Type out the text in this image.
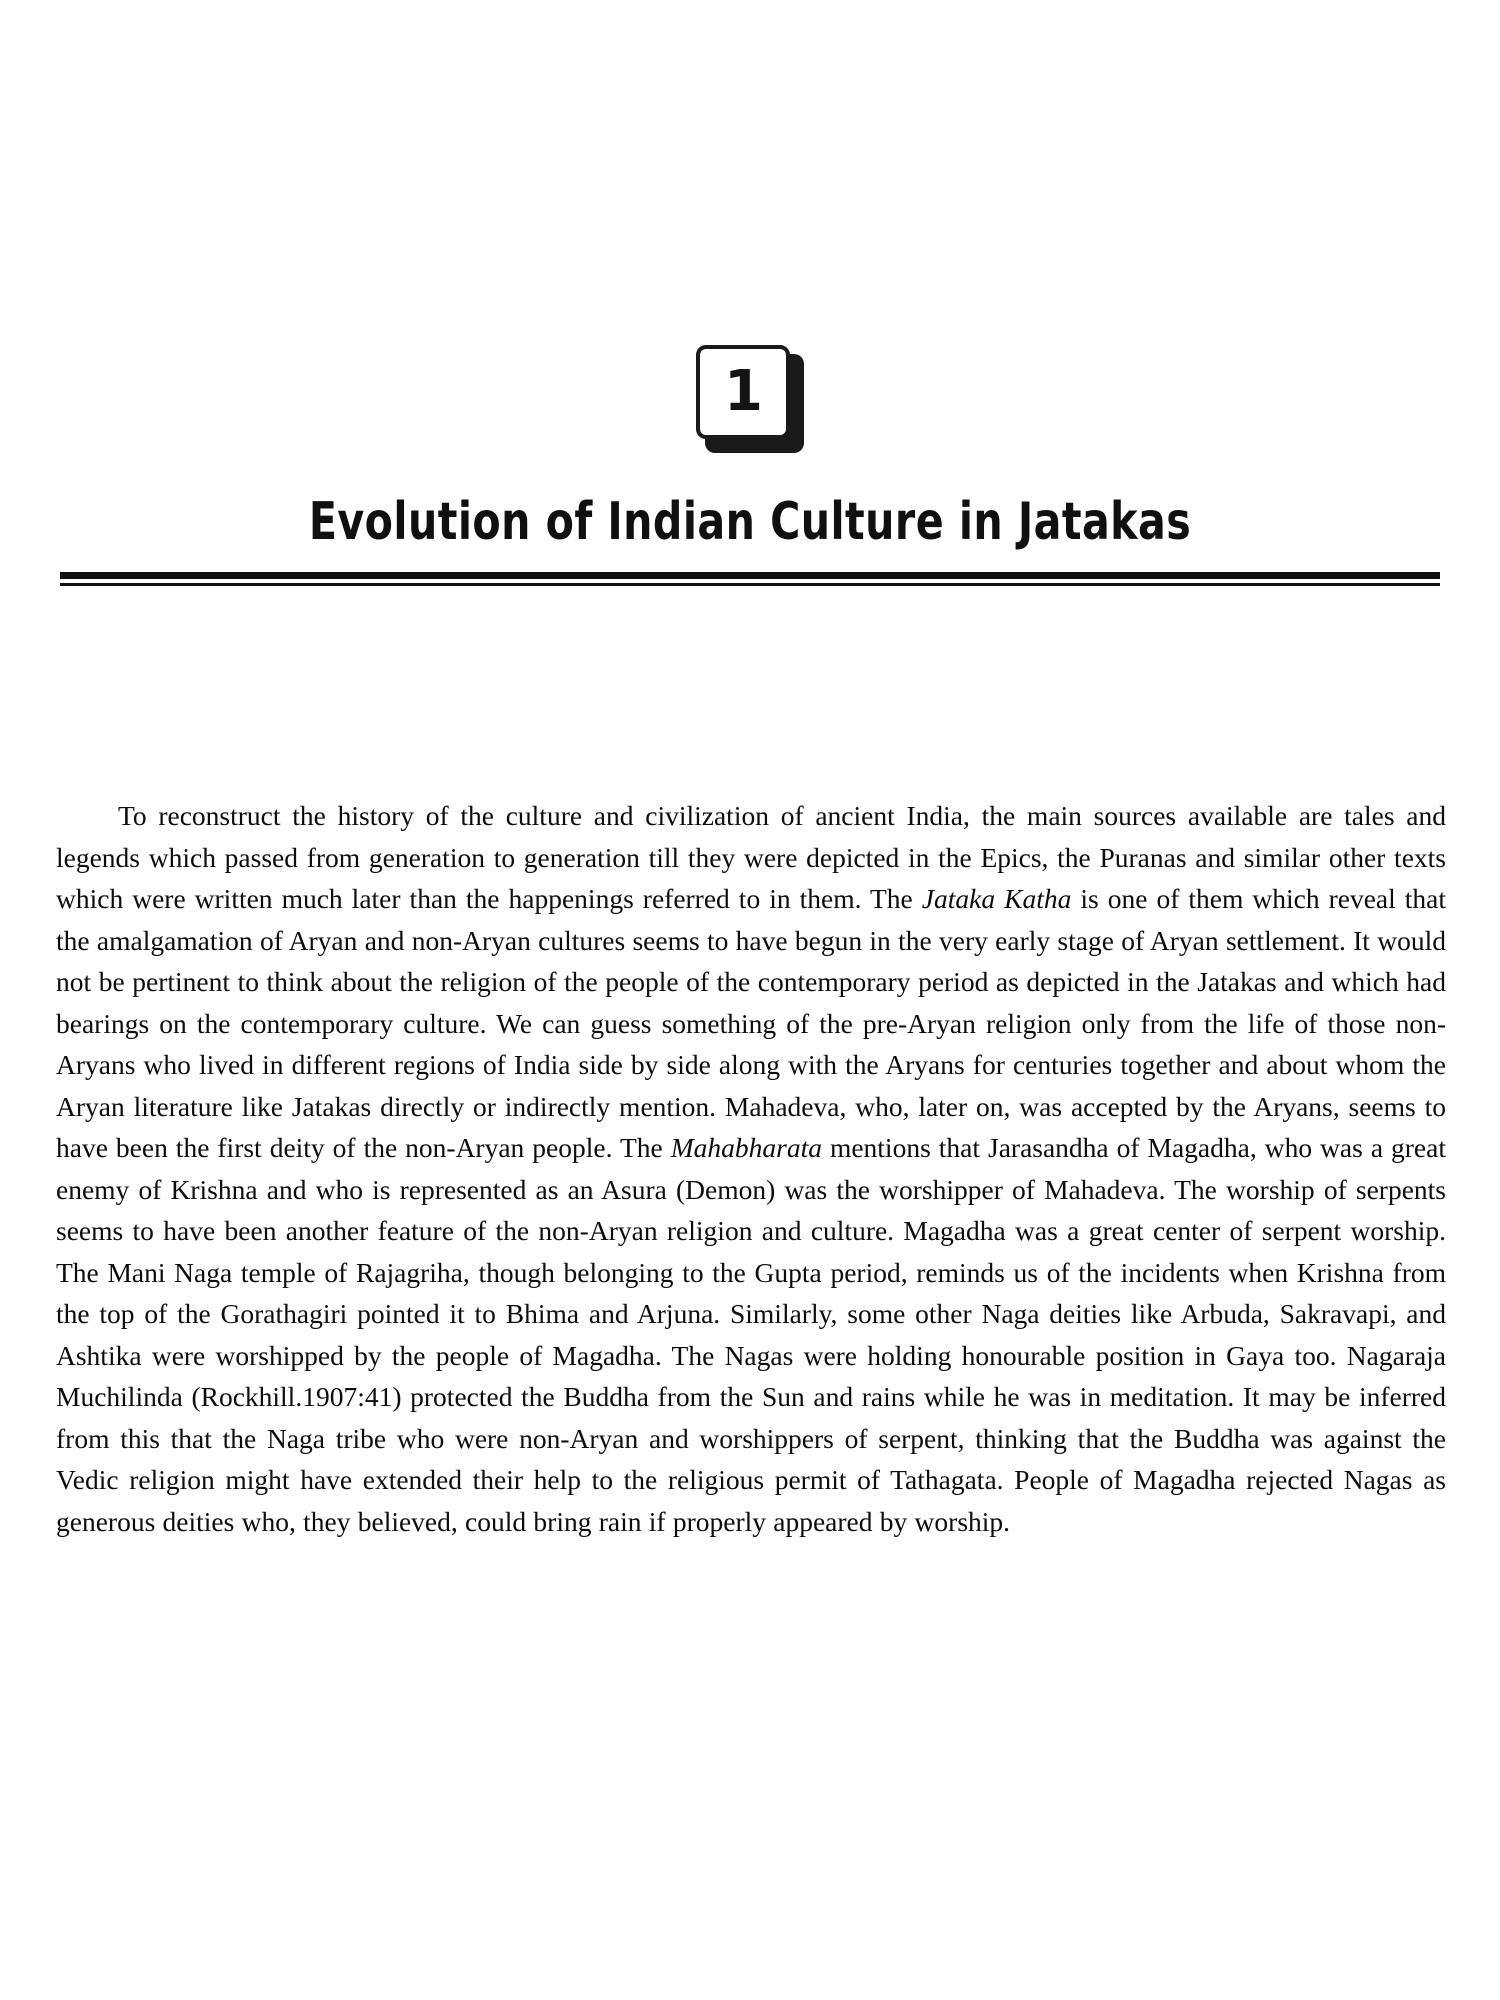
1
Evolution of Indian Culture in Jatakas

To reconstruct the history of the culture and civilization of ancient India, the main sources available are tales and legends which passed from generation to generation till they were depicted in the Epics, the Puranas and similar other texts which were written much later than the happenings referred to in them. The Jataka Katha is one of them which reveal that the amalgamation of Aryan and non-Aryan cultures seems to have begun in the very early stage of Aryan settlement. It would not be pertinent to think about the religion of the people of the contemporary period as depicted in the Jatakas and which had bearings on the contemporary culture. We can guess something of the pre-Aryan religion only from the life of those non-Aryans who lived in different regions of India side by side along with the Aryans for centuries together and about whom the Aryan literature like Jatakas directly or indirectly mention. Mahadeva, who, later on, was accepted by the Aryans, seems to have been the first deity of the non-Aryan people. The Mahabharata mentions that Jarasandha of Magadha, who was a great enemy of Krishna and who is represented as an Asura (Demon) was the worshipper of Mahadeva. The worship of serpents seems to have been another feature of the non-Aryan religion and culture. Magadha was a great center of serpent worship. The Mani Naga temple of Rajagriha, though belonging to the Gupta period, reminds us of the incidents when Krishna from the top of the Gorathagiri pointed it to Bhima and Arjuna. Similarly, some other Naga deities like Arbuda, Sakravapi, and Ashtika were worshipped by the people of Magadha. The Nagas were holding honourable position in Gaya too. Nagaraja Muchilinda (Rockhill.1907:41) protected the Buddha from the Sun and rains while he was in meditation. It may be inferred from this that the Naga tribe who were non-Aryan and worshippers of serpent, thinking that the Buddha was against the Vedic religion might have extended their help to the religious permit of Tathagata. People of Magadha rejected Nagas as generous deities who, they believed, could bring rain if properly appeared by worship.
